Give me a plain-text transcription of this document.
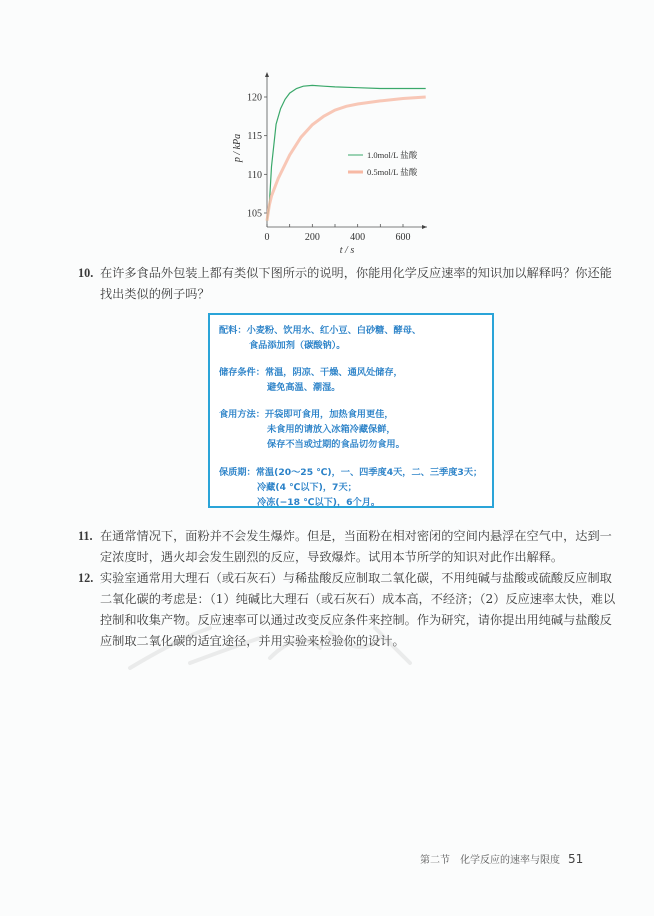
105
110
115
120
0	200	400	600
p / kPa
t / s
1.0mol/L 盐酸
0.5mol/L 盐酸
10. 在许多食品外包装上都有类似下图所示的说明，你能用化学反应速率的知识加以解释吗？你还能
找出类似的例子吗？
配料：小麦粉、饮用水、红小豆、白砂糖、酵母、
食品添加剂（碳酸钠）。
储存条件：常温，阴凉、干燥、通风处储存，
避免高温、潮湿。
食用方法：开袋即可食用，加热食用更佳，
未食用的请放入冰箱冷藏保鲜，
保存不当或过期的食品切勿食用。
保质期：常温(20～25 ℃)，一、四季度4天，二、三季度3天；
冷藏(4 ℃以下)，7天；
冷冻(−18 ℃以下)，6个月。
11. 在通常情况下，面粉并不会发生爆炸。但是，当面粉在相对密闭的空间内悬浮在空气中，达到一
定浓度时，遇火却会发生剧烈的反应，导致爆炸。试用本节所学的知识对此作出解释。
12. 实验室通常用大理石（或石灰石）与稀盐酸反应制取二氧化碳，不用纯碱与盐酸或硫酸反应制取
二氧化碳的考虑是：（1）纯碱比大理石（或石灰石）成本高，不经济；（2）反应速率太快，难以
控制和收集产物。反应速率可以通过改变反应条件来控制。作为研究，请你提出用纯碱与盐酸反
应制取二氧化碳的适宜途径，并用实验来检验你的设计。
第二节　化学反应的速率与限度 51
